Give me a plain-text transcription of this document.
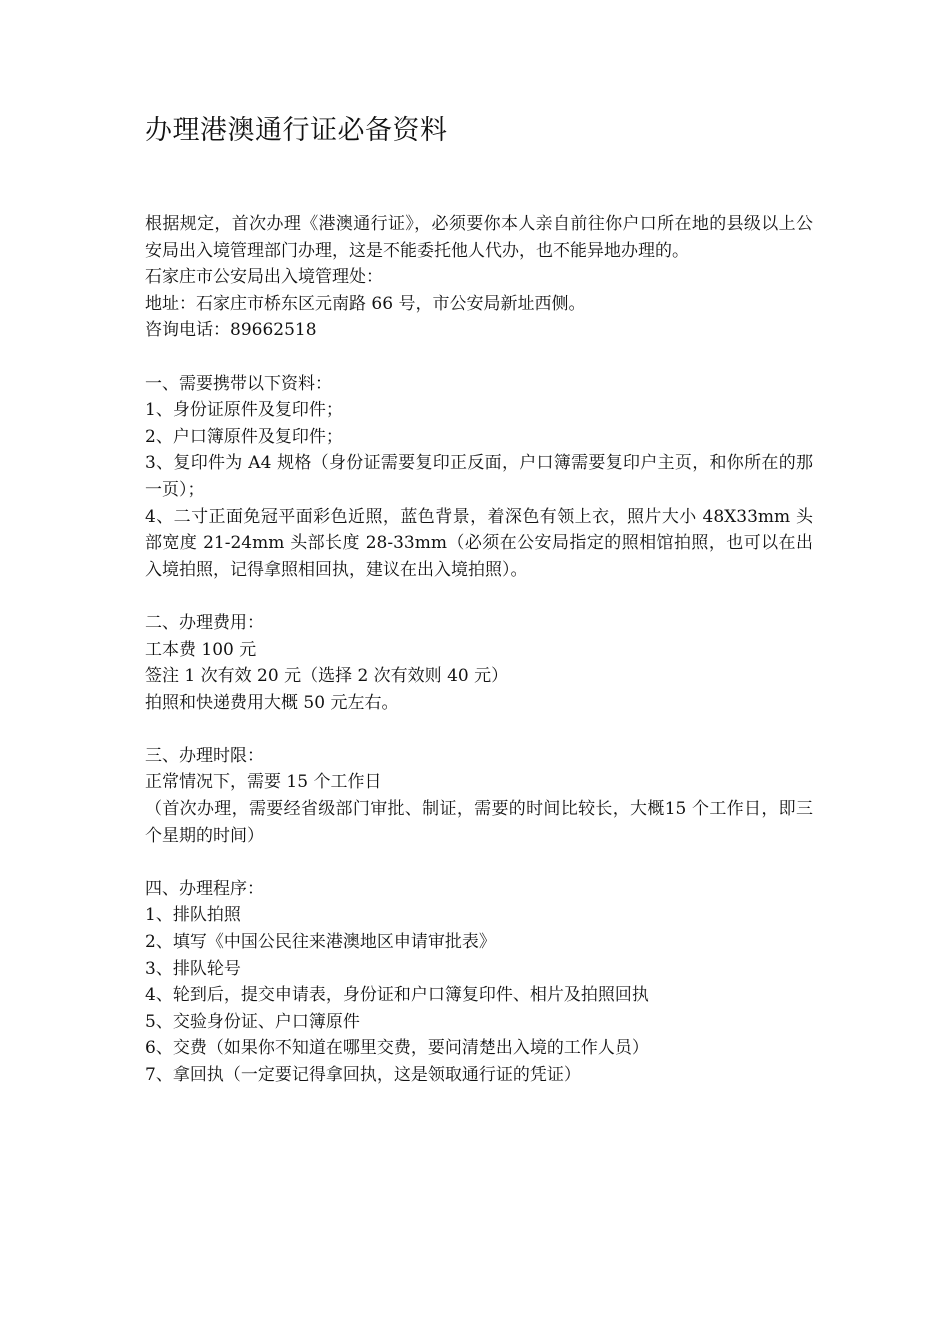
办理港澳通行证必备资料
根据规定，首次办理《港澳通行证》，必须要你本人亲自前往你户口所在地的县级以上公安局出入境管理部门办理，这是不能委托他人代办，也不能异地办理的。
石家庄市公安局出入境管理处：
地址：石家庄市桥东区元南路 66 号，市公安局新址西侧。
咨询电话：89662518
一、需要携带以下资料：
1、身份证原件及复印件；
2、户口簿原件及复印件；
3、复印件为 A4 规格（身份证需要复印正反面，户口簿需要复印户主页，和你所在的那一页）；
4、二寸正面免冠平面彩色近照，蓝色背景，着深色有领上衣，照片大小 48X33mm 头部宽度 21-24mm 头部长度 28-33mm（必须在公安局指定的照相馆拍照，也可以在出入境拍照，记得拿照相回执，建议在出入境拍照）。
二、办理费用：
工本费 100 元
签注 1 次有效 20 元（选择 2 次有效则 40 元）
拍照和快递费用大概 50 元左右。
三、办理时限：
正常情况下，需要 15 个工作日
（首次办理，需要经省级部门审批、制证，需要的时间比较长，大概15 个工作日，即三个星期的时间）
四、办理程序：
1、排队拍照
2、填写《中国公民往来港澳地区申请审批表》
3、排队轮号
4、轮到后，提交申请表，身份证和户口簿复印件、相片及拍照回执
5、交验身份证、户口簿原件
6、交费（如果你不知道在哪里交费，要问清楚出入境的工作人员）
7、拿回执（一定要记得拿回执，这是领取通行证的凭证）
